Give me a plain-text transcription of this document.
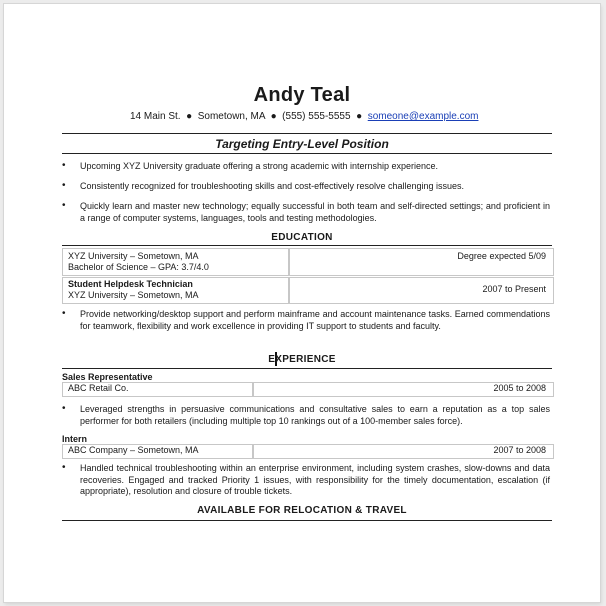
Andy Teal
14 Main St.  ●  Sometown, MA  ●  (555) 555-5555  ●  someone@example.com
Targeting Entry-Level Position
• Upcoming XYZ University graduate offering a strong academic with internship experience.
• Consistently recognized for troubleshooting skills and cost-effectively resolve challenging issues.
• Quickly learn and master new technology; equally successful in both team and self-directed settings; and proficient in a range of computer systems, languages, tools and testing methodologies.
EDUCATION
XYZ University – Sometown, MA	Degree expected 5/09
Bachelor of Science – GPA: 3.7/4.0
Student Helpdesk Technician	2007 to Present
XYZ University – Sometown, MA
• Provide networking/desktop support and perform mainframe and account maintenance tasks. Earned commendations for teamwork, flexibility and work excellence in providing IT support to students and faculty.
EXPERIENCE
Sales Representative
ABC Retail Co.	2005 to 2008
• Leveraged strengths in persuasive communications and consultative sales to earn a reputation as a top sales performer for both retailers (including multiple top 10 rankings out of a 100-member sales force).
Intern
ABC Company – Sometown, MA	2007 to 2008
• Handled technical troubleshooting within an enterprise environment, including system crashes, slow-downs and data recoveries. Engaged and tracked Priority 1 issues, with responsibility for the timely documentation, escalation (if appropriate), resolution and closure of trouble tickets.
AVAILABLE FOR RELOCATION & TRAVEL
